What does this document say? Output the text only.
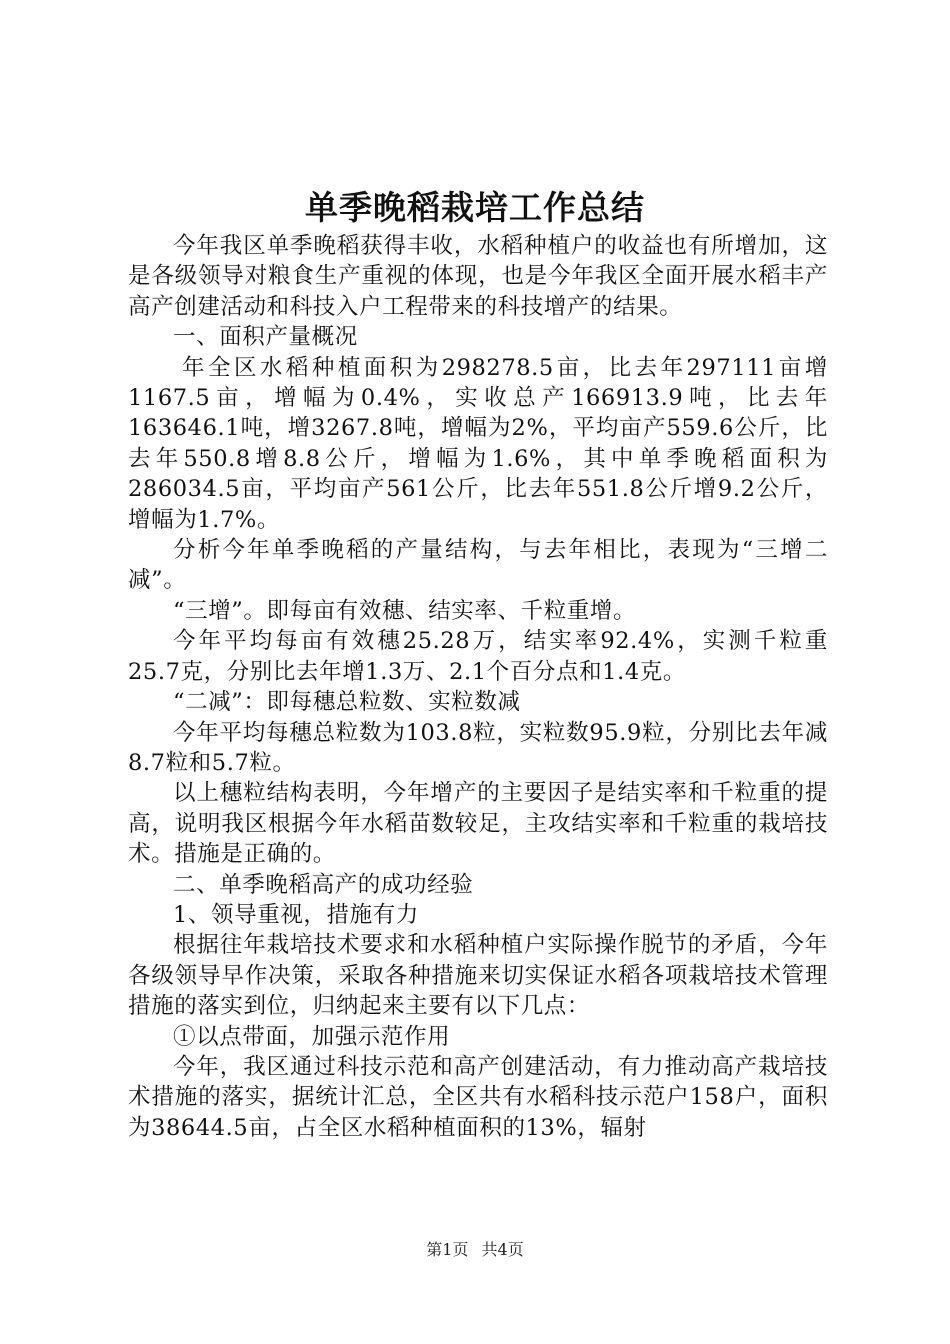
单季晚稻栽培工作总结

今年我区单季晚稻获得丰收，水稻种植户的收益也有所增加，这是各级领导对粮食生产重视的体现，也是今年我区全面开展水稻丰产高产创建活动和科技入户工程带来的科技增产的结果。

一、面积产量概况

年全区水稻种植面积为298278.5亩，比去年297111亩增1167.5亩，增幅为0.4%，实收总产166913.9吨，比去年163646.1吨，增3267.8吨，增幅为2%，平均亩产559.6公斤，比去年550.8增8.8公斤，增幅为1.6%，其中单季晚稻面积为286034.5亩，平均亩产561公斤，比去年551.8公斤增9.2公斤，增幅为1.7%。

分析今年单季晚稻的产量结构，与去年相比，表现为“三增二减”。

“三增”。即每亩有效穗、结实率、千粒重增。

今年平均每亩有效穗25.28万，结实率92.4%，实测千粒重25.7克，分别比去年增1.3万、2.1个百分点和1.4克。

“二减”：即每穗总粒数、实粒数减

今年平均每穗总粒数为103.8粒，实粒数95.9粒，分别比去年减8.7粒和5.7粒。

以上穗粒结构表明，今年增产的主要因子是结实率和千粒重的提高，说明我区根据今年水稻苗数较足，主攻结实率和千粒重的栽培技术。措施是正确的。

二、单季晚稻高产的成功经验

1、领导重视，措施有力

根据往年栽培技术要求和水稻种植户实际操作脱节的矛盾，今年各级领导早作决策，采取各种措施来切实保证水稻各项栽培技术管理措施的落实到位，归纳起来主要有以下几点：

①以点带面，加强示范作用

今年，我区通过科技示范和高产创建活动，有力推动高产栽培技术措施的落实，据统计汇总，全区共有水稻科技示范户158户，面积为38644.5亩，占全区水稻种植面积的13%，辐射

第1页 共4页
